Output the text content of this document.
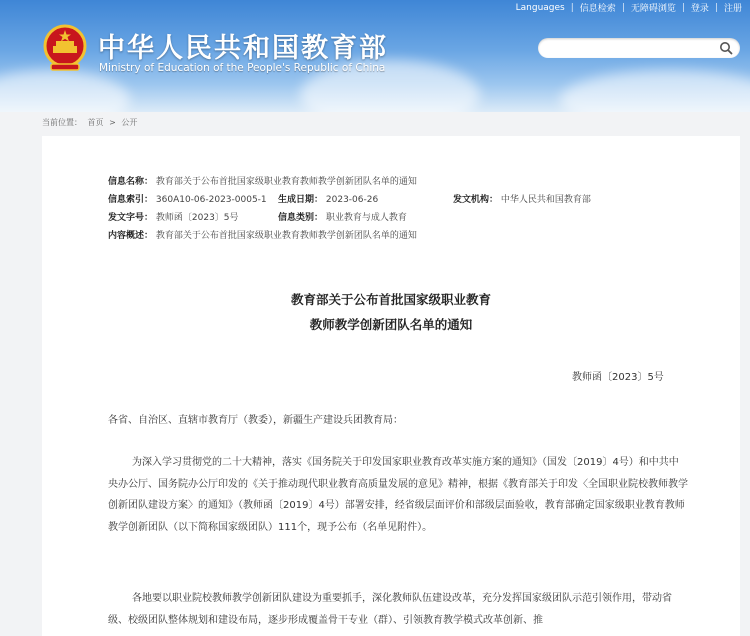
Languages | 信息检索 | 无障碍浏览 | 登录 | 注册
中华人民共和国教育部
Ministry of Education of the People's Republic of China
当前位置： 首页 > 公开
信息名称： 教育部关于公布首批国家级职业教育教师教学创新团队名单的通知
信息索引： 360A10-06-2023-0005-1 生成日期： 2023-06-26	发文机构： 中华人民共和国教育部
发文字号： 教师函〔2023〕5号	信息类别： 职业教育与成人教育
内容概述： 教育部关于公布首批国家级职业教育教师教学创新团队名单的通知
教育部关于公布首批国家级职业教育
教师教学创新团队名单的通知
教师函〔2023〕5号
各省、自治区、直辖市教育厅（教委），新疆生产建设兵团教育局：
为深入学习贯彻党的二十大精神，落实《国务院关于印发国家职业教育改革实施方案的通知》（国发〔2019〕4号）和中共中央办公厅、国务院办公厅印发的《关于推动现代职业教育高质量发展的意见》精神，根据《教育部关于印发〈全国职业院校教师教学创新团队建设方案〉的通知》（教师函〔2019〕4号）部署安排，经省级层面评价和部级层面验收，教育部确定国家级职业教育教师教学创新团队（以下简称国家级团队）111个，现予公布（名单见附件）。
各地要以职业院校教师教学创新团队建设为重要抓手，深化教师队伍建设改革，充分发挥国家级团队示范引领作用，带动省级、校级团队整体规划和建设布局，逐步形成覆盖骨干专业（群）、引领教育教学模式改革创新、推
